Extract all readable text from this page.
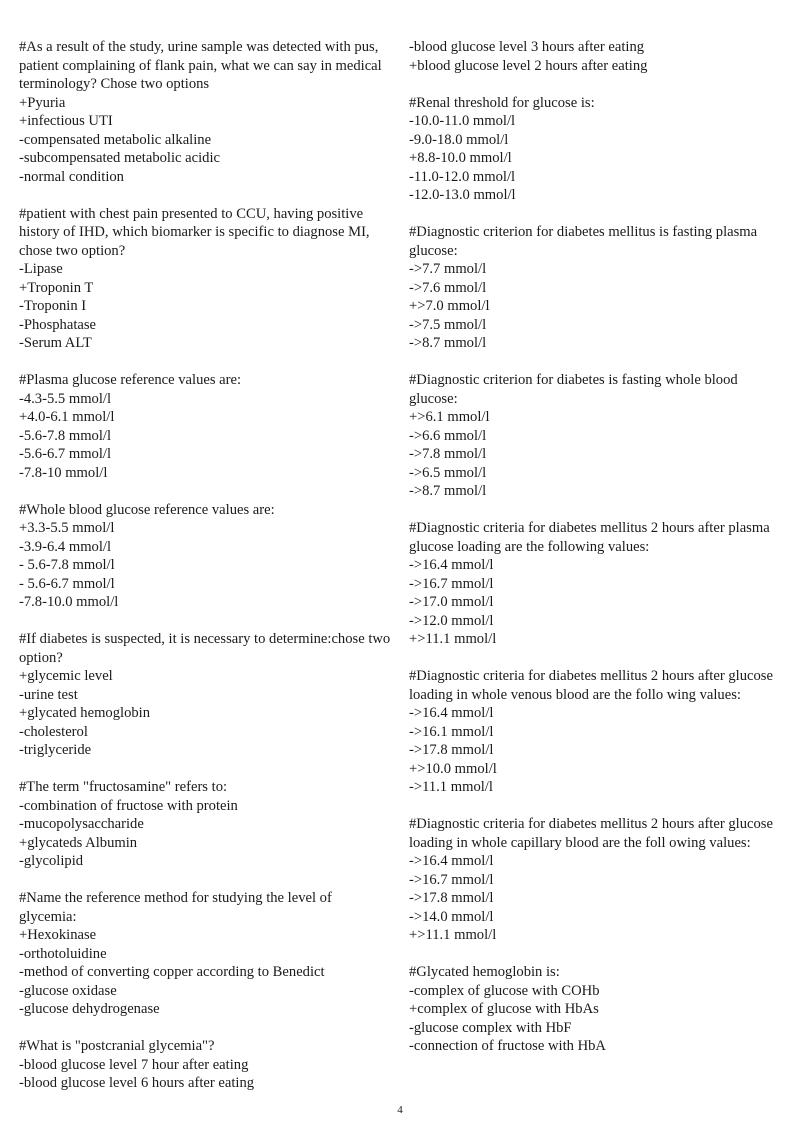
#As a result of the study, urine sample was detected with pus, patient complaining of flank pain, what we can say in medical terminology? Chose two options

+Pyuria
+infectious UTI
-compensated metabolic alkaline
-subcompensated metabolic acidic
-normal condition

#patient with chest pain presented to CCU, having positive history of IHD, which biomarker is specific to diagnose MI, chose two option?

-Lipase
+Troponin T
-Troponin I
-Phosphatase
-Serum ALT

#Plasma glucose reference values are:

-4.3-5.5 mmol/l
+4.0-6.1 mmol/l
-5.6-7.8 mmol/l
-5.6-6.7 mmol/l
-7.8-10 mmol/l

#Whole blood glucose reference values are:

+3.3-5.5 mmol/l
-3.9-6.4 mmol/l
- 5.6-7.8 mmol/l
- 5.6-6.7 mmol/l
-7.8-10.0 mmol/l

#If diabetes is suspected, it is necessary to determine:chose two option?

+glycemic level
-urine test
+glycated hemoglobin
-cholesterol
-triglyceride

#The term "fructosamine" refers to:

-combination of fructose with protein
-mucopolysaccharide
+glycateds Albumin
-glycolipid

#Name the reference method for studying the level of glycemia:

+Hexokinase
-orthotoluidine
-method of converting copper according to Benedict
-glucose oxidase
-glucose dehydrogenase

#What is "postcranial glycemia"?

-blood glucose level 7 hour after eating
-blood glucose level 6 hours after eating
-blood glucose level 3 hours after eating
+blood glucose level 2 hours after eating

#Renal threshold for glucose is:

-10.0-11.0 mmol/l
-9.0-18.0 mmol/l
+8.8-10.0 mmol/l
-11.0-12.0 mmol/l
-12.0-13.0 mmol/l

#Diagnostic criterion for diabetes mellitus is fasting plasma glucose:

->7.7 mmol/l
->7.6 mmol/l
+>7.0 mmol/l
->7.5 mmol/l
->8.7 mmol/l

#Diagnostic criterion for diabetes is fasting whole blood glucose:

+>6.1 mmol/l
->6.6 mmol/l
->7.8 mmol/l
->6.5 mmol/l
->8.7 mmol/l

#Diagnostic criteria for diabetes mellitus 2 hours after plasma glucose loading are the following values:

->16.4 mmol/l
->16.7 mmol/l
->17.0 mmol/l
->12.0 mmol/l
+>11.1 mmol/l

#Diagnostic criteria for diabetes mellitus 2 hours after glucose loading in whole venous blood are the follo wing values:

->16.4 mmol/l
->16.1 mmol/l
->17.8 mmol/l
+>10.0 mmol/l
->11.1 mmol/l

#Diagnostic criteria for diabetes mellitus 2 hours after glucose loading in whole capillary blood are the foll owing values:

->16.4 mmol/l
->16.7 mmol/l
->17.8 mmol/l
->14.0 mmol/l
+>11.1 mmol/l

#Glycated hemoglobin is:

-complex of glucose with COHb
+complex of glucose with HbAs
-glucose complex with HbF
-connection of fructose with HbA
4
